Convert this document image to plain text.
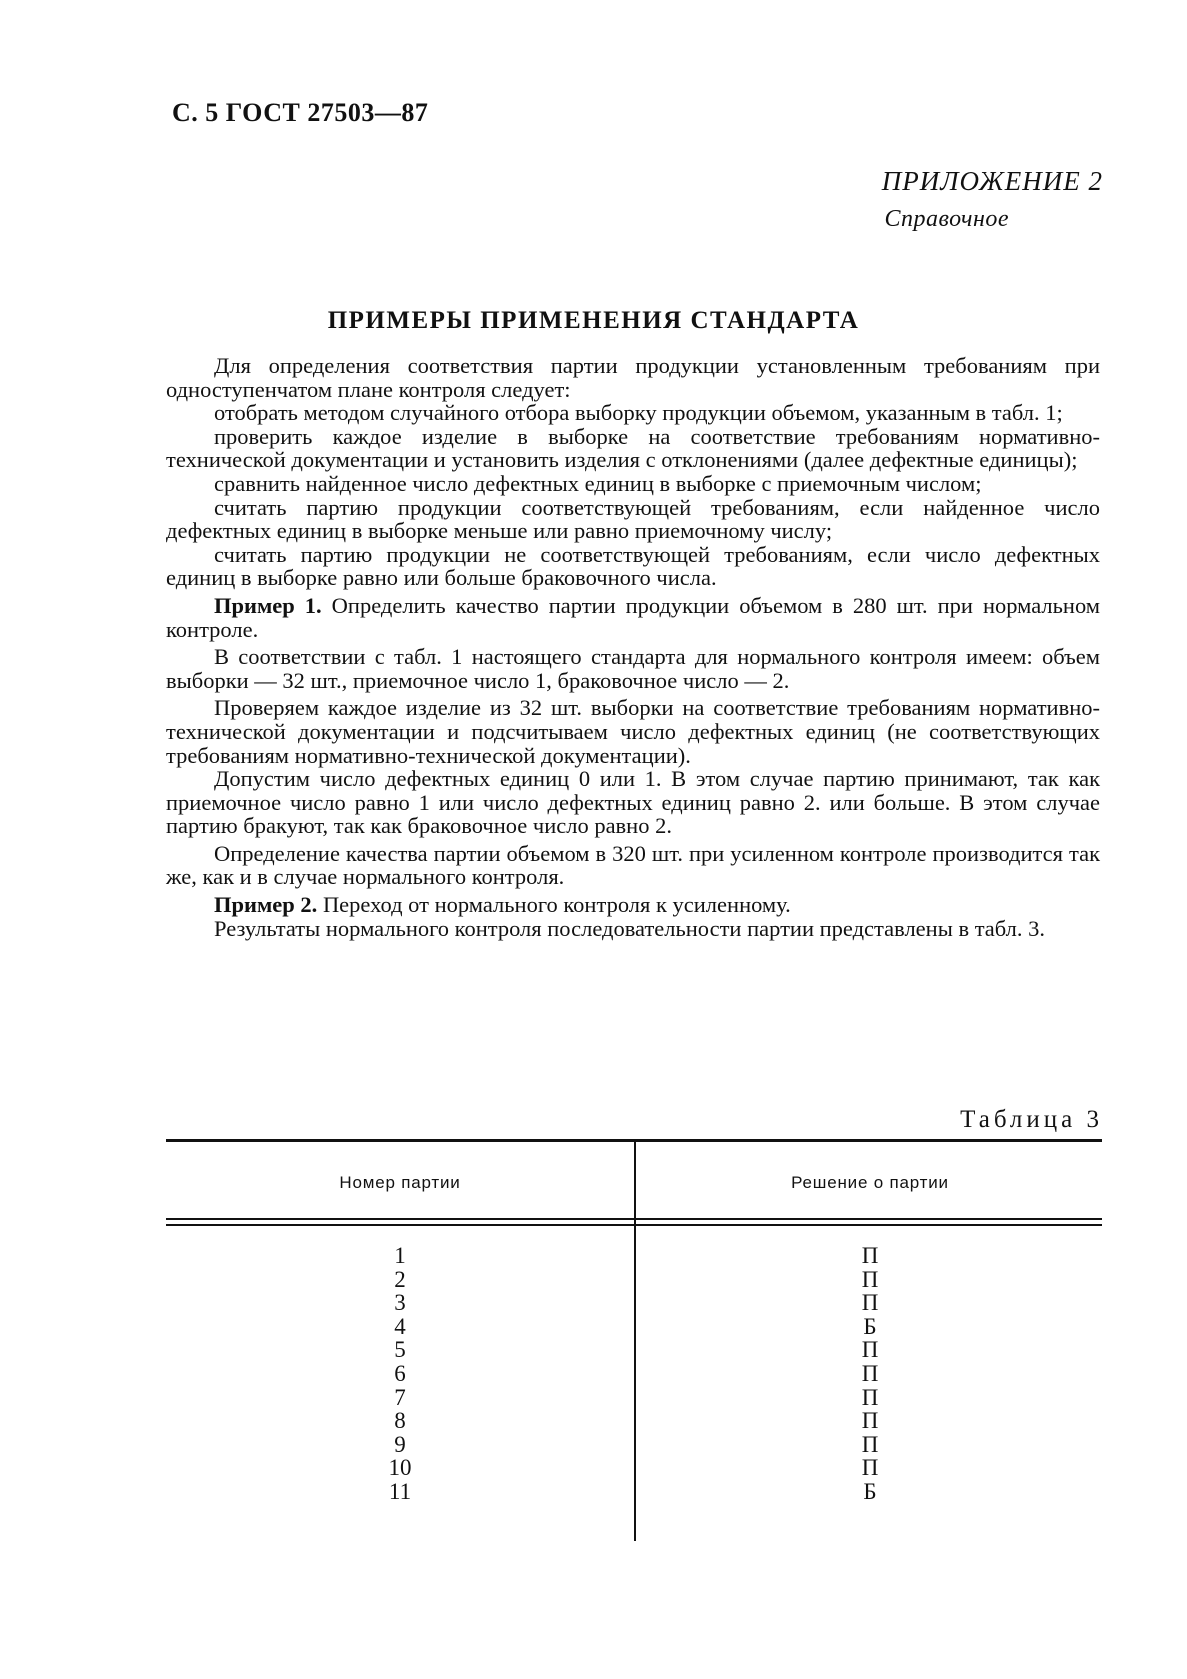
С. 5 ГОСТ 27503—87
ПРИЛОЖЕНИЕ 2
Справочное
ПРИМЕРЫ ПРИМЕНЕНИЯ СТАНДАРТА

Для определения соответствия партии продукции установленным требованиям при одноступенчатом плане контроля следует:

отобрать методом случайного отбора выборку продукции объемом, указанным в табл. 1;

проверить каждое изделие в выборке на соответствие требованиям нормативно-технической документации и установить изделия с отклонениями (далее дефектные единицы);

сравнить найденное число дефектных единиц в выборке с приемочным числом;

считать партию продукции соответствующей требованиям, если найденное число дефектных единиц в выборке меньше или равно приемочному числу;

считать партию продукции не соответствующей требованиям, если число дефектных единиц в выборке равно или больше браковочного числа.

Пример 1. Определить качество партии продукции объемом в 280 шт. при нормальном контроле.

В соответствии с табл. 1 настоящего стандарта для нормального контроля имеем: объем выборки — 32 шт., приемочное число 1, браковочное число — 2.

Проверяем каждое изделие из 32 шт. выборки на соответствие требованиям нормативно-технической документации и подсчитываем число дефектных единиц (не соответствующих требованиям нормативно-технической документации).

Допустим число дефектных единиц 0 или 1. В этом случае партию принимают, так как приемочное число равно 1 или число дефектных единиц равно 2. или больше. В этом случае партию бракуют, так как браковочное число равно 2.

Определение качества партии объемом в 320 шт. при усиленном контроле производится так же, как и в случае нормального контроля.

Пример 2. Переход от нормального контроля к усиленному.

Результаты нормального контроля последовательности партии представлены в табл. 3.

Таблица 3
Номер партии	Решение о партии
1
2
3
4
5
6
7
8
9
10
11
П
П
П
Б
П
П
П
П
П
П
Б
